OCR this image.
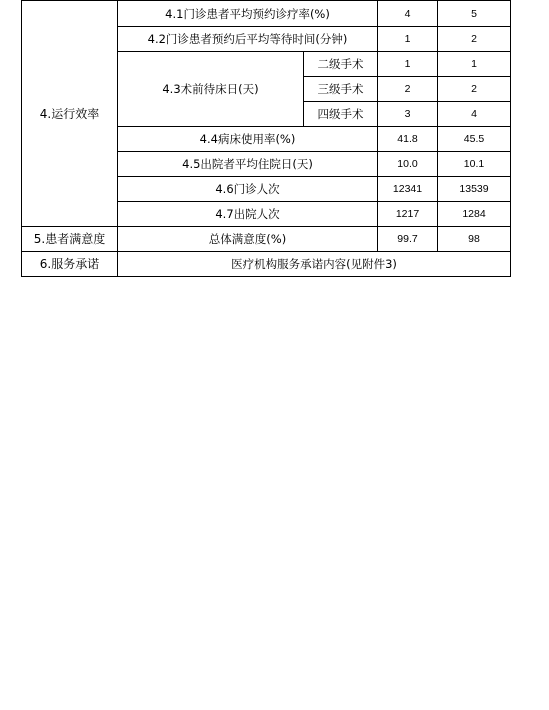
4.运行效率	4.1门诊患者平均预约诊疗率(%)		4	5
	4.2门诊患者预约后平均等待时间(分钟)		1	2
	4.3术前待床日(天)	二级手术	1	1
		三级手术	2	2
		四级手术	3	4
	4.4病床使用率(%)		41.8	45.5
	4.5出院者平均住院日(天)		10.0	10.1
	4.6门诊人次		12341	13539
	4.7出院人次		1217	1284
5.患者满意度	总体满意度(%)		99.7	98
6.服务承诺	医疗机构服务承诺内容(见附件3)			
